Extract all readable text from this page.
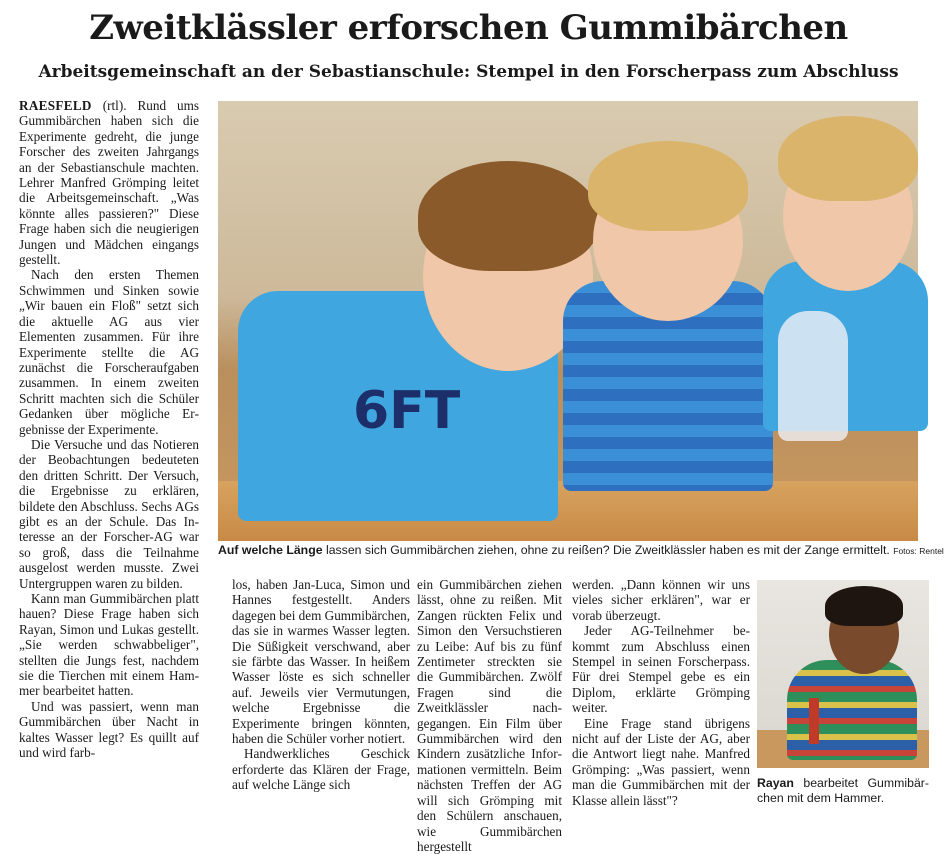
Zweitklässler erforschen Gummibärchen
Arbeitsgemeinschaft an der Sebastianschule: Stempel in den Forscherpass zum Abschluss

RAESFELD (rtl). Rund ums Gummibärchen haben sich die Experimente gedreht, die junge Forscher des zweiten Jahrgangs an der Sebastianschule machten. Lehrer Manfred Grömping leitet die Arbeitsgemeinschaft. „Was könnte alles passieren?" Diese Frage haben sich die neugierigen Jungen und Mädchen eingangs gestellt.

Nach den ersten Themen Schwimmen und Sinken sowie „Wir bauen ein Floß" setzt sich die aktuelle AG aus vier Elementen zusammen. Für ihre Experimente stellte die AG zunächst die Forscheraufgaben zusammen. In einem zweiten Schritt machten sich die Schüler Gedanken über mögliche Ergebnisse der Experimente.

Die Versuche und das Notieren der Beobachtungen bedeuteten den dritten Schritt. Der Versuch, die Ergebnisse zu erklären, bildete den Abschluss. Sechs AGs gibt es an der Schule. Das Interesse an der Forscher-AG war so groß, dass die Teilnahme ausgelost werden musste. Zwei Untergruppen waren zu bilden.

Kann man Gummibärchen platt hauen? Diese Frage haben sich Rayan, Simon und Lukas gestellt. „Sie werden schwabbeliger", stellten die Jungs fest, nachdem sie die Tierchen mit einem Hammer bearbeitet hatten.

Und was passiert, wenn man Gummibärchen über Nacht in kaltes Wasser legt? Es quillt auf und wird farb-

6FT
Auf welche Länge lassen sich Gummibärchen ziehen, ohne zu reißen? Die Zweitklässler haben es mit der Zange ermittelt. Fotos: Rentel

los, haben Jan-Luca, Simon und Hannes festgestellt. Anders dagegen bei dem Gummibärchen, das sie in warmes Wasser legten. Die Süßigkeit verschwand, aber sie färbte das Wasser. In heißem Wasser löste es sich schneller auf. Jeweils vier Vermutungen, welche Ergebnisse die Experimente bringen könnten, haben die Schüler vorher notiert.

Handwerkliches Geschick erforderte das Klären der Frage, auf welche Länge sich

ein Gummibärchen ziehen lässt, ohne zu reißen. Mit Zangen rückten Felix und Simon den Versuchstieren zu Leibe: Auf bis zu fünf Zentimeter streckten sie die Gummibärchen. Zwölf Fragen sind die Zweitklässler nachgegangen. Ein Film über Gummibärchen wird den Kindern zusätzliche Informationen vermitteln. Beim nächsten Treffen der AG will sich Grömping mit den Schülern anschauen, wie Gummibärchen hergestellt

werden. „Dann können wir uns vieles sicher erklären", war er vorab überzeugt.

Jeder AG-Teilnehmer bekommt zum Abschluss einen Stempel in seinen Forscherpass. Für drei Stempel gebe es ein Diplom, erklärte Grömping weiter.

Eine Frage stand übrigens nicht auf der Liste der AG, aber die Antwort liegt nahe. Manfred Grömping: „Was passiert, wenn man die Gummibärchen mit der Klasse allein lässt"?

Rayan bearbeitet Gummibärchen mit dem Hammer.
